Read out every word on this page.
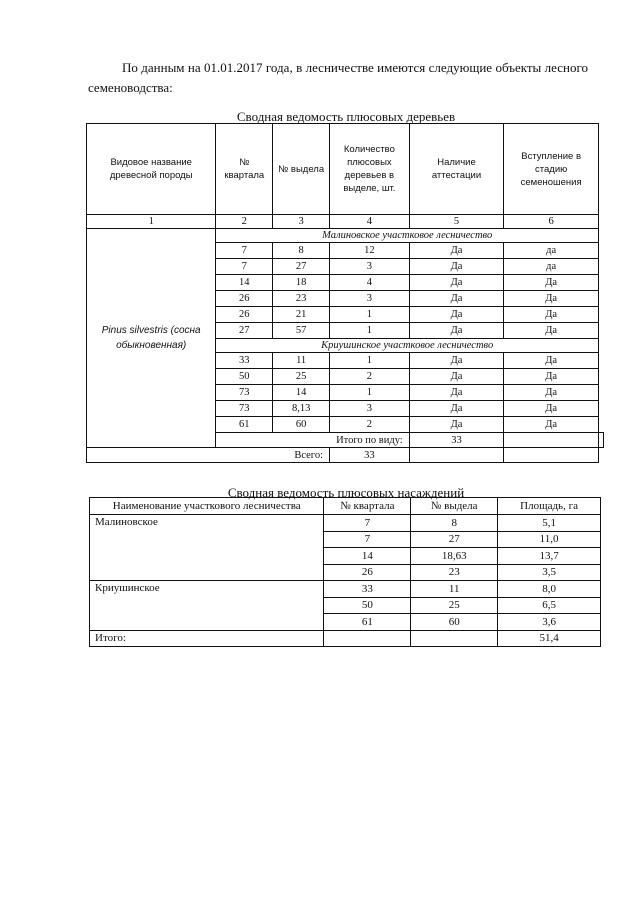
По данным на 01.01.2017 года, в лесничестве имеются следующие объекты лесного семеноводства:

Сводная ведомость плюсовых деревьев
Видовое название древесной породы	№ квартала	№ выдела	Количество плюсовых деревьев в выделе, шт.	Наличие аттестации	Вступление в стадию семеношения	
1	2	3	4	5	6	
Pinus silvestris (сосна обыкновенная)	Малиновское участковое лесничество					
	7	8	12	Да	да	
	7	27	3	Да	да	
	14	18	4	Да	Да	
	26	23	3	Да	Да	
	26	21	1	Да	Да	
	27	57	1	Да	Да	
	Криушинское участковое лесничество					
	33	11	1	Да	Да	
	50	25	2	Да	Да	
	73	14	1	Да	Да	
	73	8,13	3	Да	Да	
	61	60	2	Да	Да	
	Итого по виду:			33		
Всего:			33			
Сводная ведомость плюсовых насаждений
Наименование участкового лесничества	№ квартала	№ выдела	Площадь, га
Малиновское	7	8	5,1
	7	27	11,0
	14	18,63	13,7
	26	23	3,5
Криушинское	33	11	8,0
	50	25	6,5
	61	60	3,6
Итого:			51,4
